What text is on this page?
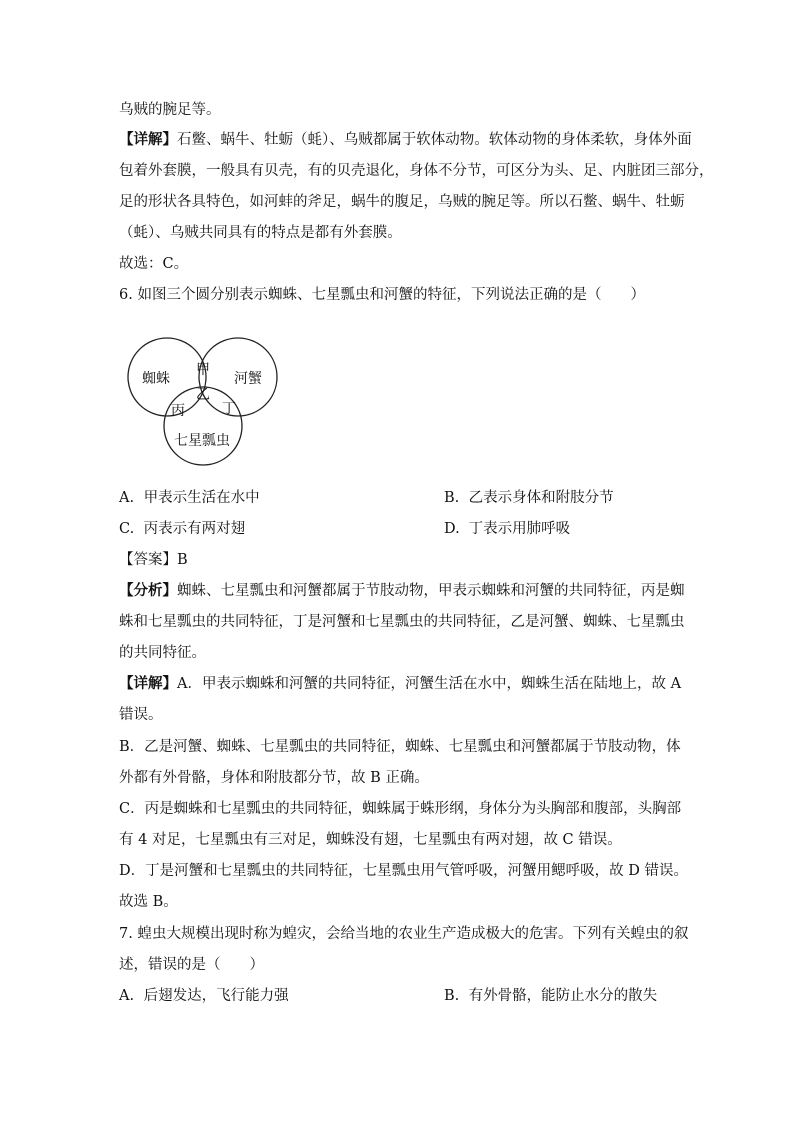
乌贼的腕足等。
【详解】石鳖、蜗牛、牡蛎（蚝）、乌贼都属于软体动物。软体动物的身体柔软，身体外面
包着外套膜，一般具有贝壳，有的贝壳退化，身体不分节，可区分为头、足、内脏团三部分，
足的形状各具特色，如河蚌的斧足，蜗牛的腹足，乌贼的腕足等。所以石鳖、蜗牛、牡蛎
（蚝）、乌贼共同具有的特点是都有外套膜。
故选：C。
6. 如图三个圆分别表示蜘蛛、七星瓢虫和河蟹的特征，下列说法正确的是（　　）
蜘蛛	河蟹
七星瓢虫
甲
乙
丙	丁
A. 甲表示生活在水中	B. 乙表示身体和附肢分节
C. 丙表示有两对翅	D. 丁表示用肺呼吸
【答案】B
【分析】蜘蛛、七星瓢虫和河蟹都属于节肢动物，甲表示蜘蛛和河蟹的共同特征，丙是蜘
蛛和七星瓢虫的共同特征，丁是河蟹和七星瓢虫的共同特征，乙是河蟹、蜘蛛、七星瓢虫
的共同特征。
【详解】A．甲表示蜘蛛和河蟹的共同特征，河蟹生活在水中，蜘蛛生活在陆地上，故 A
错误。
B．乙是河蟹、蜘蛛、七星瓢虫的共同特征，蜘蛛、七星瓢虫和河蟹都属于节肢动物，体
外都有外骨骼，身体和附肢都分节，故 B 正确。
C．丙是蜘蛛和七星瓢虫的共同特征，蜘蛛属于蛛形纲，身体分为头胸部和腹部，头胸部
有 4 对足，七星瓢虫有三对足，蜘蛛没有翅，七星瓢虫有两对翅，故 C 错误。
D．丁是河蟹和七星瓢虫的共同特征，七星瓢虫用气管呼吸，河蟹用鳃呼吸，故 D 错误。
故选 B。
7. 蝗虫大规模出现时称为蝗灾，会给当地的农业生产造成极大的危害。下列有关蝗虫的叙
述，错误的是（　　）
A. 后翅发达，飞行能力强	B. 有外骨骼，能防止水分的散失
